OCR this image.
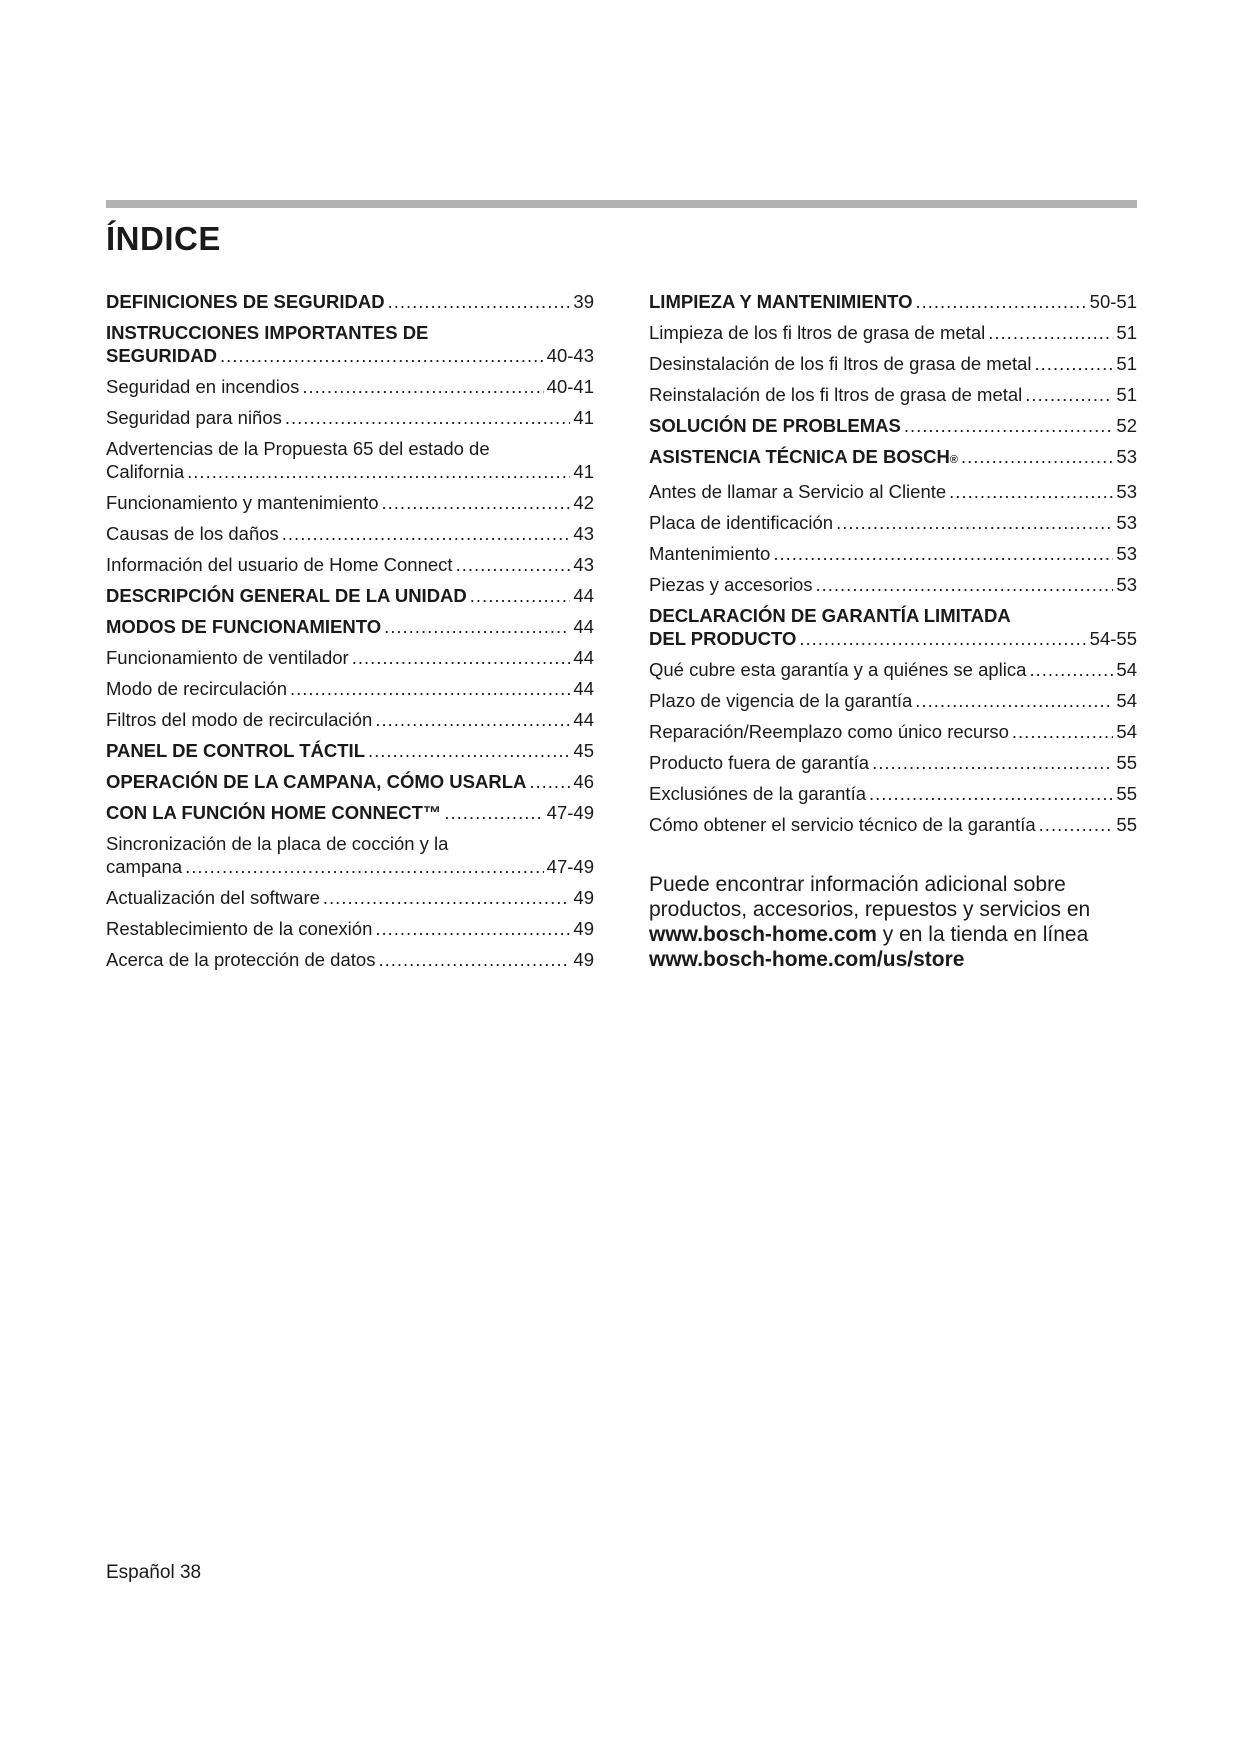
ÍNDICE
DEFINICIONES DE SEGURIDAD .....	39
INSTRUCCIONES IMPORTANTES DE
SEGURIDAD .....	40-43
Seguridad en incendios .....	40-41
Seguridad para niños .....	41
Advertencias de la Propuesta 65 del estado de
California .....	41
Funcionamiento y mantenimiento .....	42
Causas de los daños .....	43
Información del usuario de Home Connect .....	43
DESCRIPCIÓN GENERAL DE LA UNIDAD .....	44
MODOS DE FUNCIONAMIENTO .....	44
Funcionamiento de ventilador .....	44
Modo de recirculación .....	44
Filtros del modo de recirculación .....	44
PANEL DE CONTROL TÁCTIL .....	45
OPERACIÓN DE LA CAMPANA, CÓMO USARLA .....	46
CON LA FUNCIÓN HOME CONNECT™ .....	47-49
Sincronización de la placa de cocción y la
campana .....	47-49
Actualización del software .....	49
Restablecimiento de la conexión .....	49
Acerca de la protección de datos .....	49
LIMPIEZA Y MANTENIMIENTO .....	50-51
Limpieza de los fi ltros de grasa de metal .....	51
Desinstalación de los fi ltros de grasa de metal .....	51
Reinstalación de los fi ltros de grasa de metal .....	51
SOLUCIÓN DE PROBLEMAS .....	52
ASISTENCIA TÉCNICA DE BOSCH ® .....	53
Antes de llamar a Servicio al Cliente .....	53
Placa de identificación .....	53
Mantenimiento .....	53
Piezas y accesorios .....	53
DECLARACIÓN DE GARANTÍA LIMITADA
DEL PRODUCTO .....	54-55
Qué cubre esta garantía y a quiénes se aplica .....	54
Plazo de vigencia de la garantía .....	54
Reparación/Reemplazo como único recurso .....	54
Producto fuera de garantía .....	55
Exclusiónes de la garantía .....	55
Cómo obtener el servicio técnico de la garantía .....	55
Puede encontrar información adicional sobre
productos, accesorios, repuestos y servicios en
www.bosch-home.com y en la tienda en línea
www.bosch-home.com/us/store
Español 38
